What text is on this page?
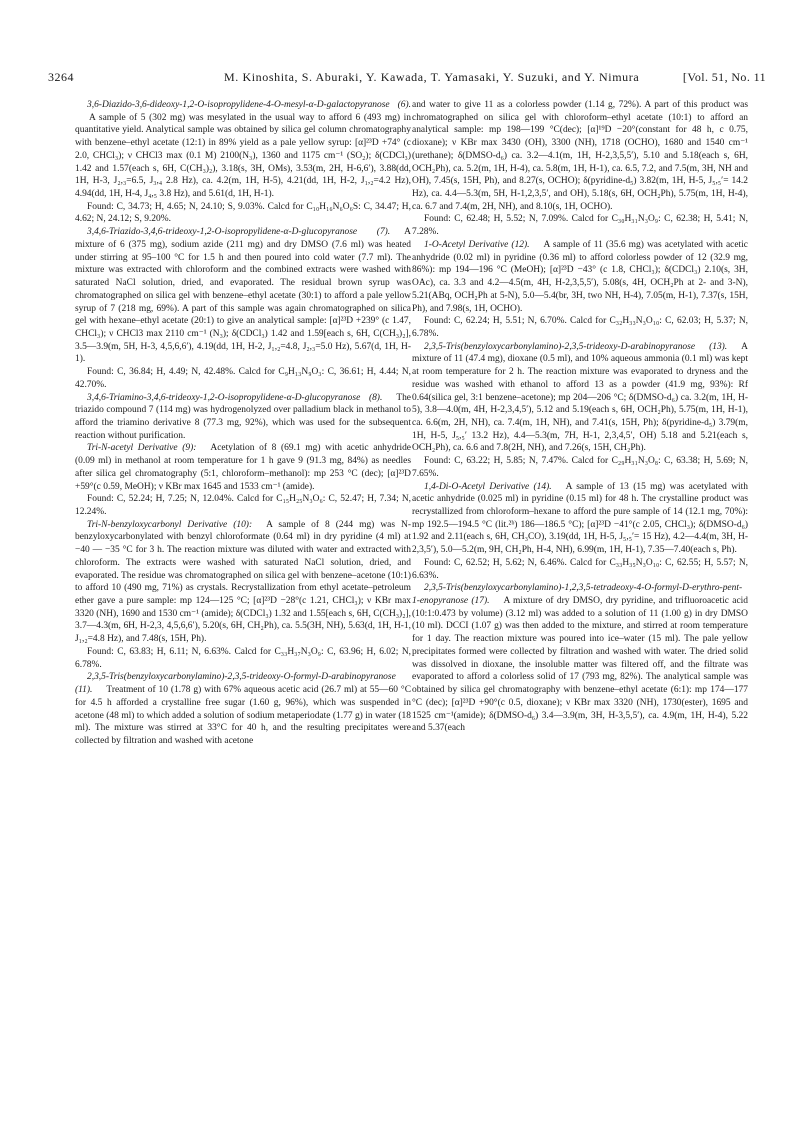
3264	M. Kinoshita, S. Aburaki, Y. Kawada, T. Yamasaki, Y. Suzuki, and Y. Nimura	[Vol. 51, No. 11

3,6-Diazido-3,6-dideoxy-1,2-O-isopropylidene-4-O-mesyl-α-D-galactopyranose (6).A sample of 5 (302 mg) was mesylated in the usual way to afford 6 (493 mg) in quantitative yield. Analytical sample was obtained by silica gel column chromatography with benzene–ethyl acetate (12:1) in 89% yield as a pale yellow syrup: [α]²³D +74° (c 2.0, CHCl₃); ν CHCl3 max (0.1 M) 2100(N₃), 1360 and 1175 cm⁻¹ (SO₂); δ(CDCl₃) 1.42 and 1.57(each s, 6H, C(CH₃)₂), 3.18(s, 3H, OMs), 3.53(m, 2H, H-6,6′), 3.88(dd, 1H, H-3, J₂,₃=6.5, J₃,₄ 2.8 Hz), ca. 4.2(m, 1H, H-5), 4.21(dd, 1H, H-2, J₁,₂=4.2 Hz), 4.94(dd, 1H, H-4, J₄,₅ 3.8 Hz), and 5.61(d, 1H, H-1).

Found: C, 34.73; H, 4.65; N, 24.10; S, 9.03%. Calcd for C₁₀H₁₆N₆O₆S: C, 34.47; H, 4.62; N, 24.12; S, 9.20%.

3,4,6-Triazido-3,4,6-trideoxy-1,2-O-isopropylidene-α-D-glucopyranose (7). A mixture of 6 (375 mg), sodium azide (211 mg) and dry DMSO (7.6 ml) was heated under stirring at 95–100 °C for 1.5 h and then poured into cold water (7.7 ml). The mixture was extracted with chloroform and the combined extracts were washed with saturated NaCl solution, dried, and evaporated. The residual brown syrup was chromatographed on silica gel with benzene–ethyl acetate (30:1) to afford a pale yellow syrup of 7 (218 mg, 69%). A part of this sample was again chromatographed on silica gel with hexane–ethyl acetate (20:1) to give an analytical sample: [α]²³D +239° (c 1.47, CHCl₃); ν CHCl3 max 2110 cm⁻¹ (N₃); δ(CDCl₃) 1.42 and 1.59[each s, 6H, C(CH₃)₂], 3.5—3.9(m, 5H, H-3, 4,5,6,6′), 4.19(dd, 1H, H-2, J₁,₂=4.8, J₂,₃=5.0 Hz), 5.67(d, 1H, H-1).

Found: C, 36.84; H, 4.49; N, 42.48%. Calcd for C₉H₁₃N₉O₃: C, 36.61; H, 4.44; N, 42.70%.

3,4,6-Triamino-3,4,6-trideoxy-1,2-O-isopropylidene-α-D-glucopyranose (8). The triazido compound 7 (114 mg) was hydrogenolyzed over palladium black in methanol to afford the triamino derivative 8 (77.3 mg, 92%), which was used for the subsequent reaction without purification.

Tri-N-acetyl Derivative (9): Acetylation of 8 (69.1 mg) with acetic anhydride (0.09 ml) in methanol at room temperature for 1 h gave 9 (91.3 mg, 84%) as needles after silica gel chromatography (5:1, chloroform–methanol): mp 253 °C (dec); [α]²³D +59°(c 0.59, MeOH); ν KBr max 1645 and 1533 cm⁻¹ (amide).

Found: C, 52.24; H, 7.25; N, 12.04%. Calcd for C₁₅H₂₅N₃O₆: C, 52.47; H, 7.34; N, 12.24%.

Tri-N-benzyloxycarbonyl Derivative (10): A sample of 8 (244 mg) was N-benzyloxycarbonylated with benzyl chloroformate (0.64 ml) in dry pyridine (4 ml) at −40 — −35 °C for 3 h. The reaction mixture was diluted with water and extracted with chloroform. The extracts were washed with saturated NaCl solution, dried, and evaporated. The residue was chromatographed on silica gel with benzene–acetone (10:1) to afford 10 (490 mg, 71%) as crystals. Recrystallization from ethyl acetate–petroleum ether gave a pure sample: mp 124—125 °C; [α]²³D −28°(c 1.21, CHCl₃); ν KBr max 3320 (NH), 1690 and 1530 cm⁻¹ (amide); δ(CDCl₃) 1.32 and 1.55[each s, 6H, C(CH₃)₂], 3.7—4.3(m, 6H, H-2,3, 4,5,6,6′), 5.20(s, 6H, CH₂Ph), ca. 5.5(3H, NH), 5.63(d, 1H, H-1, J₁,₂=4.8 Hz), and 7.48(s, 15H, Ph).

Found: C, 63.83; H, 6.11; N, 6.63%. Calcd for C₃₃H₃₇N₃O₉: C, 63.96; H, 6.02; N, 6.78%.

2,3,5-Tris(benzyloxycarbonylamino)-2,3,5-trideoxy-O-formyl-D-arabinopyranose (11). Treatment of 10 (1.78 g) with 67% aqueous acetic acid (26.7 ml) at 55—60 °C for 4.5 h afforded a crystalline free sugar (1.60 g, 96%), which was suspended in acetone (48 ml) to which added a solution of sodium metaperiodate (1.77 g) in water (18 ml). The mixture was stirred at 33°C for 40 h, and the resulting precipitates were collected by filtration and washed with acetone

and water to give 11 as a colorless powder (1.14 g, 72%). A part of this product was chromatographed on silica gel with chloroform–ethyl acetate (10:1) to afford an analytical sample: mp 198—199 °C(dec); [α]¹⁹D −20°(constant for 48 h, c 0.75, dioxane); ν KBr max 3430 (OH), 3300 (NH), 1718 (OCHO), 1680 and 1540 cm⁻¹ (urethane); δ(DMSO-d₆) ca. 3.2—4.1(m, 1H, H-2,3,5,5′), 5.10 and 5.18(each s, 6H, OCH₂Ph), ca. 5.2(m, 1H, H-4), ca. 5.8(m, 1H, H-1), ca. 6.5, 7.2, and 7.5(m, 3H, NH and OH), 7.45(s, 15H, Ph), and 8.27(s, OCHO); δ(pyridine-d₅) 3.82(m, 1H, H-5, J₅,₅′= 14.2 Hz), ca. 4.4—5.3(m, 5H, H-1,2,3,5′, and OH), 5.18(s, 6H, OCH₂Ph), 5.75(m, 1H, H-4), ca. 6.7 and 7.4(m, 2H, NH), and 8.10(s, 1H, OCHO).

Found: C, 62.48; H, 5.52; N, 7.09%. Calcd for C₃₀H₃₁N₃O₉: C, 62.38; H, 5.41; N, 7.28%.

1-O-Acetyl Derivative (12). A sample of 11 (35.6 mg) was acetylated with acetic anhydride (0.02 ml) in pyridine (0.36 ml) to afford colorless powder of 12 (32.9 mg, 86%): mp 194—196 °C (MeOH); [α]²³D −43° (c 1.8, CHCl₃); δ(CDCl₃) 2.10(s, 3H, OAc), ca. 3.3 and 4.2—4.5(m, 4H, H-2,3,5,5′), 5.08(s, 4H, OCH₂Ph at 2- and 3-N), 5.21(ABq, OCH₂Ph at 5-N), 5.0—5.4(br, 3H, two NH, H-4), 7.05(m, H-1), 7.37(s, 15H, Ph), and 7.98(s, 1H, OCHO).

Found: C, 62.24; H, 5.51; N, 6.70%. Calcd for C₃₂H₃₃N₃O₁₀: C, 62.03; H, 5.37; N, 6.78%.

2,3,5-Tris(benzyloxycarbonylamino)-2,3,5-trideoxy-D-arabinopyranose (13). A mixture of 11 (47.4 mg), dioxane (0.5 ml), and 10% aqueous ammonia (0.1 ml) was kept at room temperature for 2 h. The reaction mixture was evaporated to dryness and the residue was washed with ethanol to afford 13 as a powder (41.9 mg, 93%): Rf 0.64(silica gel, 3:1 benzene–acetone); mp 204—206 °C; δ(DMSO-d₆) ca. 3.2(m, 1H, H-5), 3.8—4.0(m, 4H, H-2,3,4,5′), 5.12 and 5.19(each s, 6H, OCH₂Ph), 5.75(m, 1H, H-1), ca. 6.6(m, 2H, NH), ca. 7.4(m, 1H, NH), and 7.41(s, 15H, Ph); δ(pyridine-d₅) 3.79(m, 1H, H-5, J₅,₅′ 13.2 Hz), 4.4—5.3(m, 7H, H-1, 2,3,4,5′, OH) 5.18 and 5.21(each s, OCH₂Ph), ca. 6.6 and 7.8(2H, NH), and 7.26(s, 15H, CH₂Ph).

Found: C, 63.22; H, 5.85; N, 7.47%. Calcd for C₂₉H₃₁N₃O₈: C, 63.38; H, 5.69; N, 7.65%.

1,4-Di-O-Acetyl Derivative (14). A sample of 13 (15 mg) was acetylated with acetic anhydride (0.025 ml) in pyridine (0.15 ml) for 48 h. The crystalline product was recrystallized from chloroform–hexane to afford the pure sample of 14 (12.1 mg, 70%): mp 192.5—194.5 °C (lit.²ᵇ) 186—186.5 °C); [α]²³D −41°(c 2.05, CHCl₃); δ(DMSO-d₆) 1.92 and 2.11(each s, 6H, CH₃CO), 3.19(dd, 1H, H-5, J₅,₅′= 15 Hz), 4.2—4.4(m, 3H, H-2,3,5′), 5.0—5.2(m, 9H, CH₂Ph, H-4, NH), 6.99(m, 1H, H-1), 7.35—7.40(each s, Ph).

Found: C, 62.52; H, 5.62; N, 6.46%. Calcd for C₃₃H₃₅N₃O₁₀: C, 62.55; H, 5.57; N, 6.63%.

2,3,5-Tris(benzyloxycarbonylamino)-1,2,3,5-tetradeoxy-4-O-formyl-D-erythro-pent-1-enopyranose (17). A mixture of dry DMSO, dry pyridine, and trifluoroacetic acid (10:1:0.473 by volume) (3.12 ml) was added to a solution of 11 (1.00 g) in dry DMSO (10 ml). DCCI (1.07 g) was then added to the mixture, and stirred at room temperature for 1 day. The reaction mixture was poured into ice–water (15 ml). The pale yellow precipitates formed were collected by filtration and washed with water. The dried solid was dissolved in dioxane, the insoluble matter was filtered off, and the filtrate was evaporated to afford a colorless solid of 17 (793 mg, 82%). The analytical sample was obtained by silica gel chromatography with benzene–ethyl acetate (6:1): mp 174—177 °C (dec); [α]²³D +90°(c 0.5, dioxane); ν KBr max 3320 (NH), 1730(ester), 1695 and 1525 cm⁻¹(amide); δ(DMSO-d₆) 3.4—3.9(m, 3H, H-3,5,5′), ca. 4.9(m, 1H, H-4), 5.22 and 5.37(each
